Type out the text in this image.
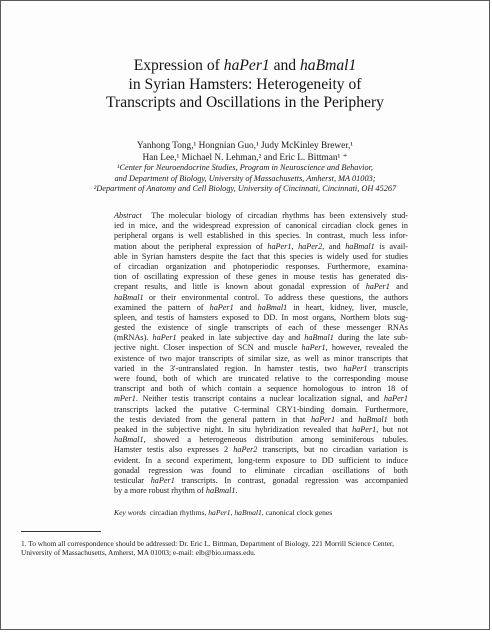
Expression of haPer1 and haBmal1
in Syrian Hamsters: Heterogeneity of
Transcripts and Oscillations in the Periphery
Yanhong Tong,¹ Hongnian Guo,¹ Judy McKinley Brewer,¹
Han Lee,¹ Michael N. Lehman,² and Eric L. Bittman¹ ⁺
¹Center for Neuroendocrine Studies, Program in Neuroscience and Behavior,
and Department of Biology, University of Massachusetts, Amherst, MA 01003;
²Department of Anatomy and Cell Biology, University of Cincinnati, Cincinnati, OH 45267
Abstract The molecular biology of circadian rhythms has been extensively stud-
ied in mice, and the widespread expression of canonical circadian clock genes in
peripheral organs is well established in this species. In contrast, much less infor-
mation about the peripheral expression of haPer1, haPer2, and haBmal1 is avail-
able in Syrian hamsters despite the fact that this species is widely used for studies
of circadian organization and photoperiodic responses. Furthermore, examina-
tion of oscillating expression of these genes in mouse testis has generated dis-
crepant results, and little is known about gonadal expression of haPer1 and
haBmal1 or their environmental control. To address these questions, the authors
examined the pattern of haPer1 and haBmal1 in heart, kidney, liver, muscle,
spleen, and testis of hamsters exposed to DD. In most organs, Northern blots sug-
gested the existence of single transcripts of each of these messenger RNAs
(mRNAs). haPer1 peaked in late subjective day and haBmal1 during the late sub-
jective night. Closer inspection of SCN and muscle haPer1, however, revealed the
existence of two major transcripts of similar size, as well as minor transcripts that
varied in the 3'-untranslated region. In hamster testis, two haPer1 transcripts
were found, both of which are truncated relative to the corresponding mouse
transcript and both of which contain a sequence homologous to intron 18 of
mPer1. Neither testis transcript contains a nuclear localization signal, and haPer1
transcripts lacked the putative C-terminal CRY1-binding domain. Furthermore,
the testis deviated from the general pattern in that haPer1 and haBmal1 both
peaked in the subjective night. In situ hybridization revealed that haPer1, but not
haBmal1, showed a heterogeneous distribution among seminiferous tubules.
Hamster testis also expresses 2 haPer2 transcripts, but no circadian variation is
evident. In a second experiment, long-term exposure to DD sufficient to induce
gonadal regression was found to eliminate circadian oscillations of both
testicular haPer1 transcripts. In contrast, gonadal regression was accompanied
by a more robust rhythm of haBmal1.
Key words circadian rhythms, haPer1, haBmal1, canonical clock genes
1. To whom all correspondence should be addressed: Dr. Eric L. Bittman, Department of Biology, 221 Morrill Science Center,
University of Massachusetts, Amherst, MA 01003; e-mail: elb@bio.umass.edu.
